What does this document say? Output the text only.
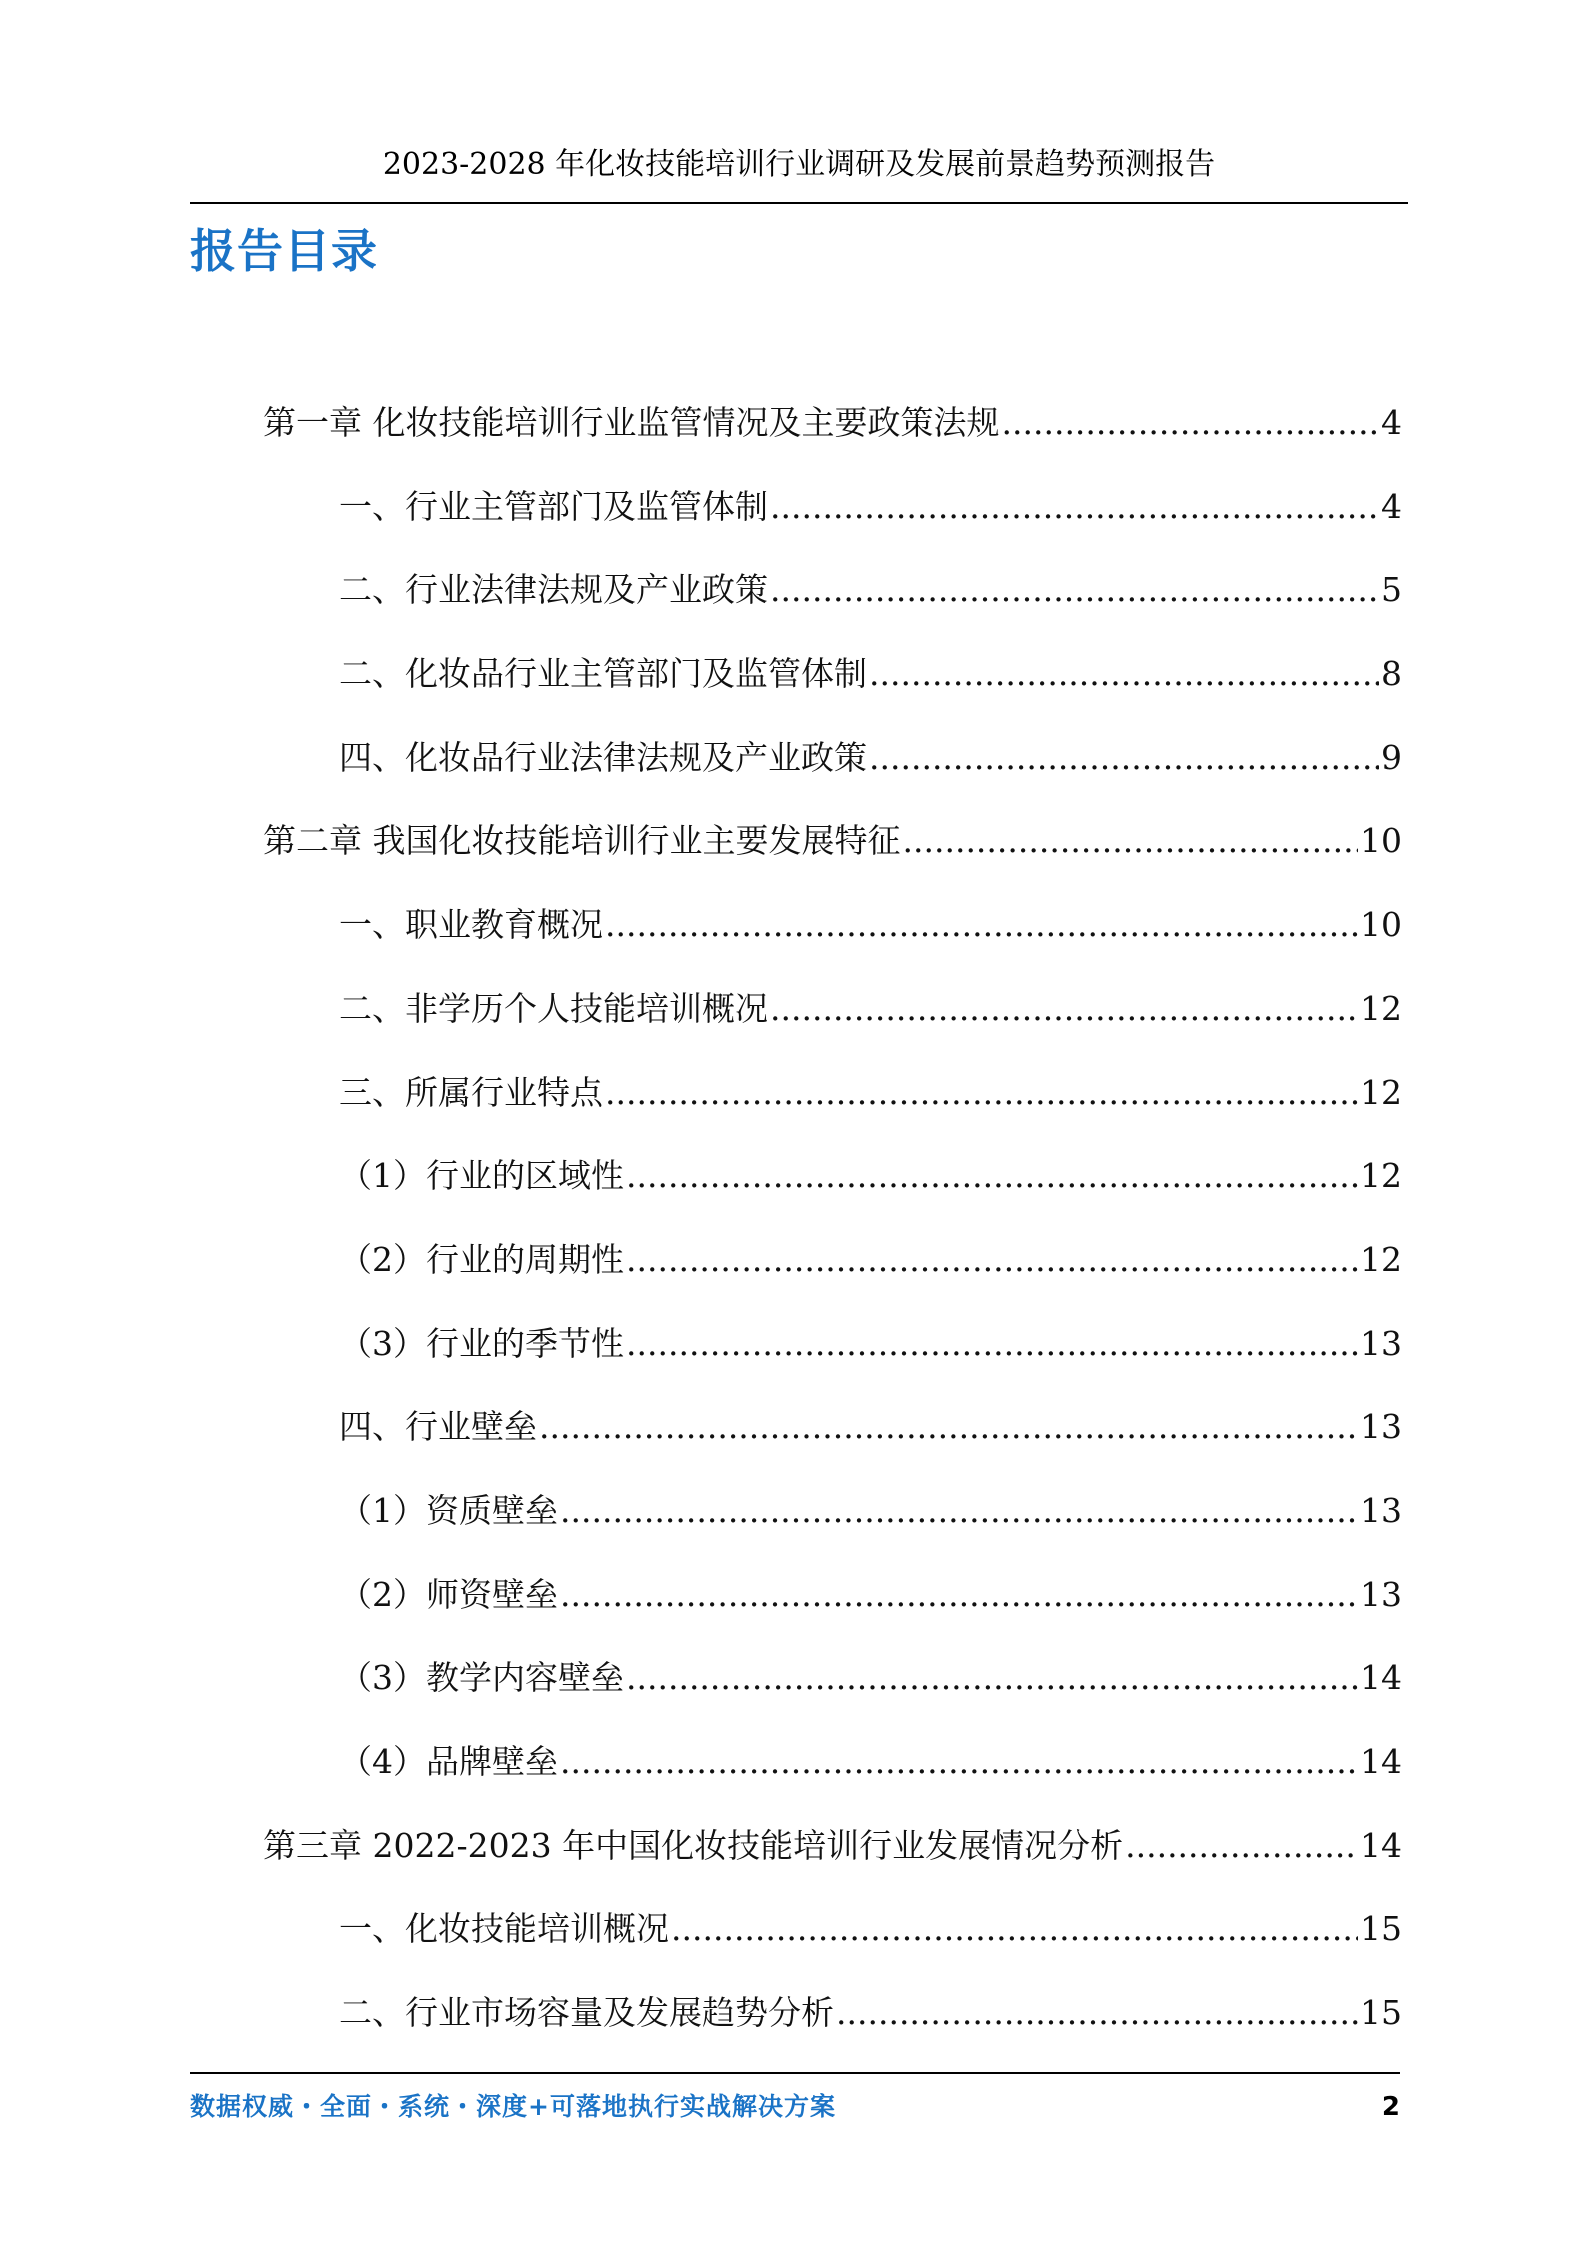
2023-2028 年化妆技能培训行业调研及发展前景趋势预测报告
报告目录
第一章 化妆技能培训行业监管情况及主要政策法规 .....	4
一、行业主管部门及监管体制 .....	4
二、行业法律法规及产业政策 .....	5
二、化妆品行业主管部门及监管体制 .....	8
四、化妆品行业法律法规及产业政策 .....	9
第二章 我国化妆技能培训行业主要发展特征 .....	10
一、职业教育概况 .....	10
二、非学历个人技能培训概况 .....	12
三、所属行业特点 .....	12
（1）行业的区域性 .....	12
（2）行业的周期性 .....	12
（3）行业的季节性 .....	13
四、行业壁垒 .....	13
（1）资质壁垒 .....	13
（2）师资壁垒 .....	13
（3）教学内容壁垒 .....	14
（4）品牌壁垒 .....	14
第三章 2022-2023 年中国化妆技能培训行业发展情况分析 .....	14
一、化妆技能培训概况 .....	15
二、行业市场容量及发展趋势分析 .....	15
数据权威・全面・系统・深度+可落地执行实战解决方案	2
